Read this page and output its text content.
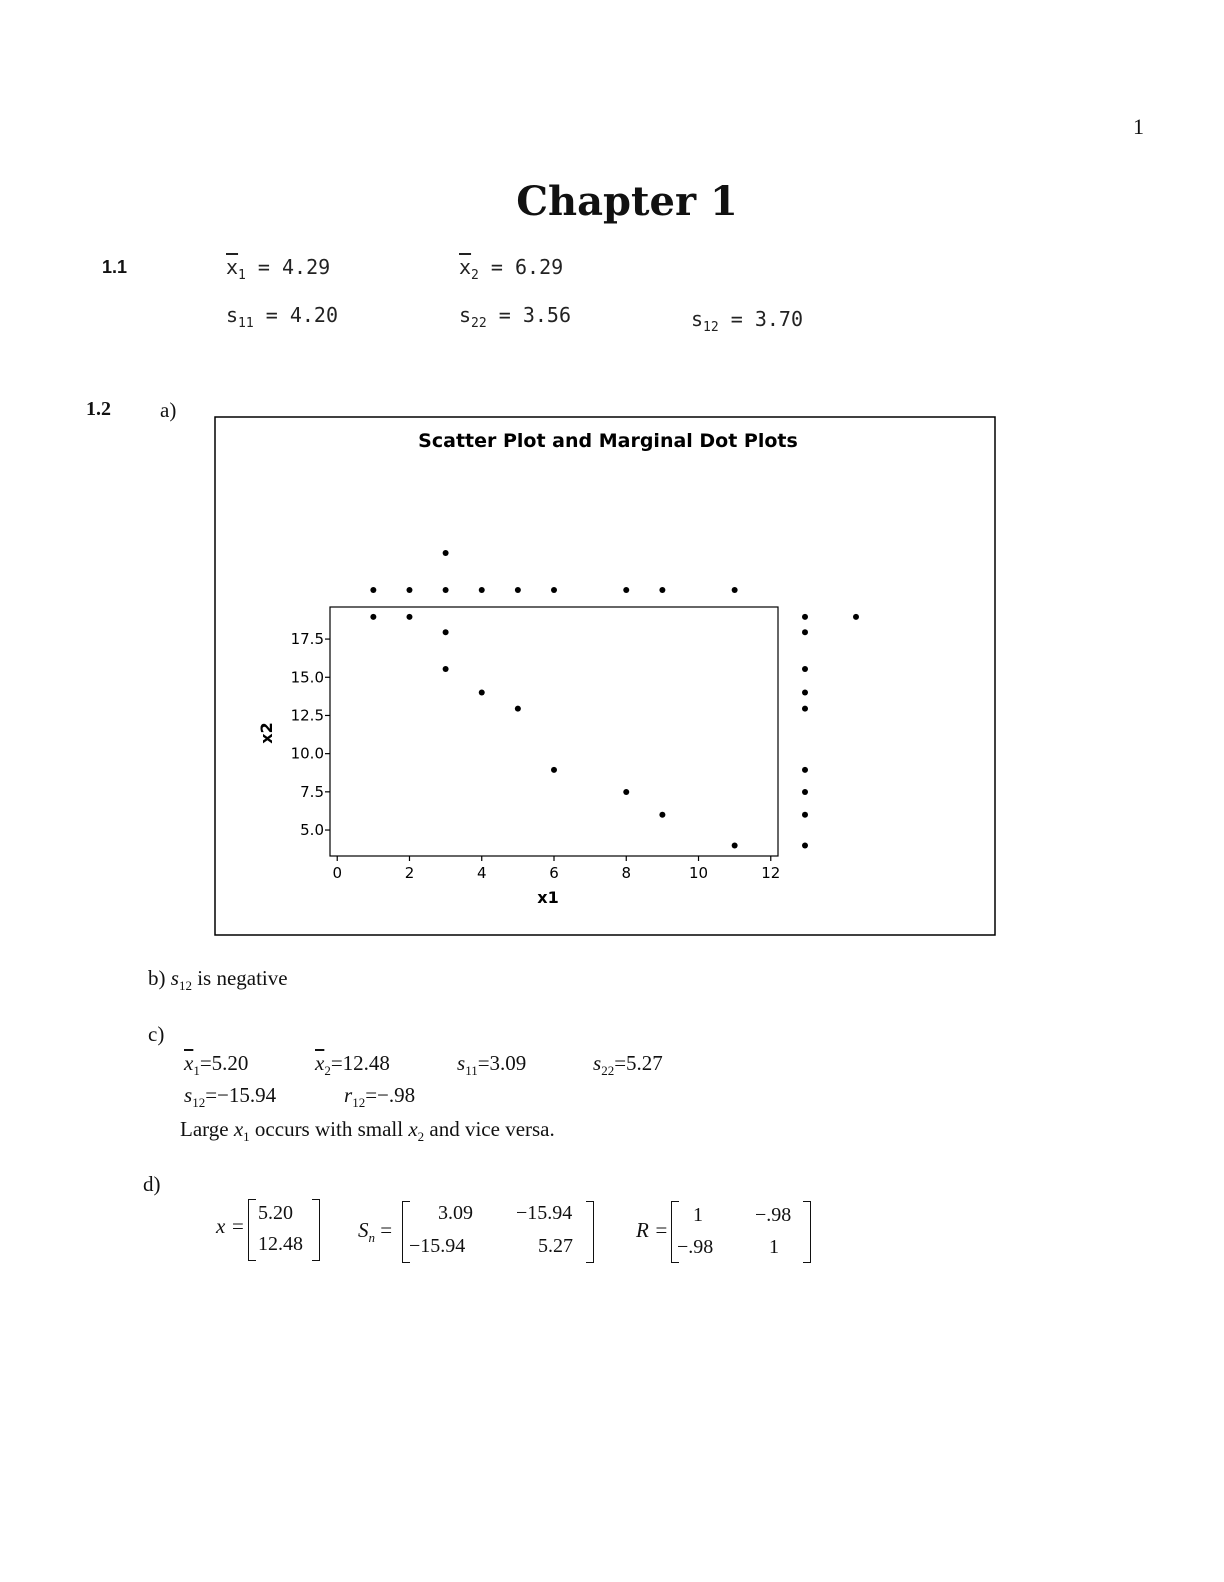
1
Chapter 1
1.1	$\overline{x}_1 = 4.29$	$\overline{x}_2 = 6.29$
$s_{11} = 4.20$	$s_{22} = 3.56$	$s_{12} = 3.70$
1.2 a)
Scatter Plot and Marginal Dot Plots
5.0
7.5
10.0
12.5
15.0
17.5
0	2	4	6	8	10	12
x1
x2
b) $s_{12}$ is negative
c)
$\overline{x}_1=5.20$	$\overline{x}_2=12.48$	$s_{11}=3.09$	$s_{22}=5.27$
$s_{12}=-15.94$	$r_{12}=-.98$
Large $x_1$ occurs with small $x_2$ and vice versa.
d)
x =
5.20
12.48
$S_n$ =
3.09 −15.94
−15.94	5.27
R =
1	−.98
−.98	1
